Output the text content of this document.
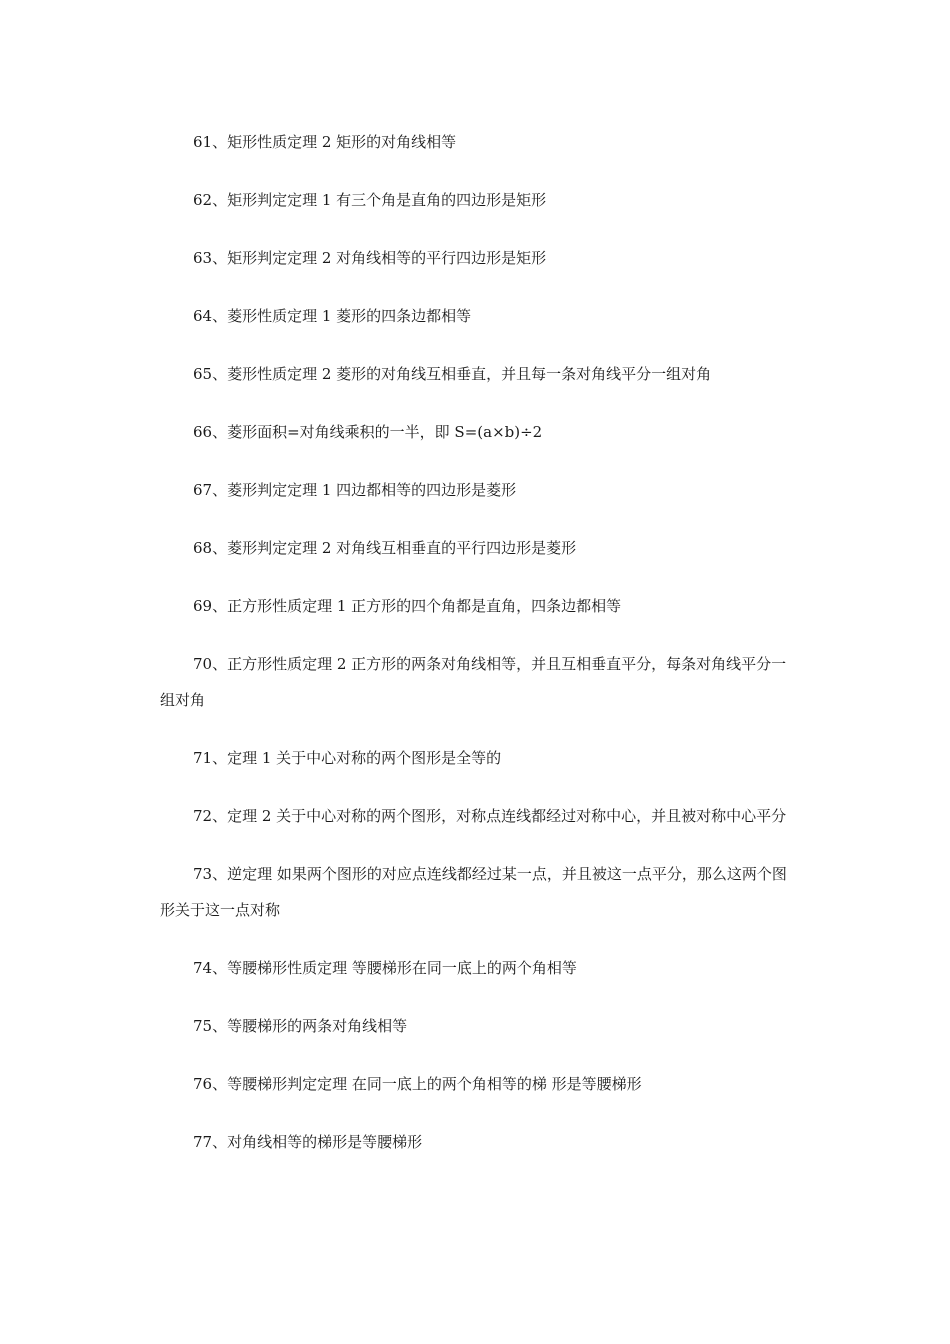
61、矩形性质定理 2 矩形的对角线相等

62、矩形判定定理 1 有三个角是直角的四边形是矩形

63、矩形判定定理 2 对角线相等的平行四边形是矩形

64、菱形性质定理 1 菱形的四条边都相等

65、菱形性质定理 2 菱形的对角线互相垂直，并且每一条对角线平分一组对角

66、菱形面积=对角线乘积的一半，即 S=(a×b)÷2

67、菱形判定定理 1 四边都相等的四边形是菱形

68、菱形判定定理 2 对角线互相垂直的平行四边形是菱形

69、正方形性质定理 1 正方形的四个角都是直角，四条边都相等

70、正方形性质定理 2 正方形的两条对角线相等，并且互相垂直平分，每条对角线平分一组对角

71、定理 1 关于中心对称的两个图形是全等的

72、定理 2 关于中心对称的两个图形，对称点连线都经过对称中心，并且被对称中心平分

73、逆定理 如果两个图形的对应点连线都经过某一点，并且被这一点平分，那么这两个图形关于这一点对称

74、等腰梯形性质定理 等腰梯形在同一底上的两个角相等

75、等腰梯形的两条对角线相等

76、等腰梯形判定定理 在同一底上的两个角相等的梯 形是等腰梯形

77、对角线相等的梯形是等腰梯形
